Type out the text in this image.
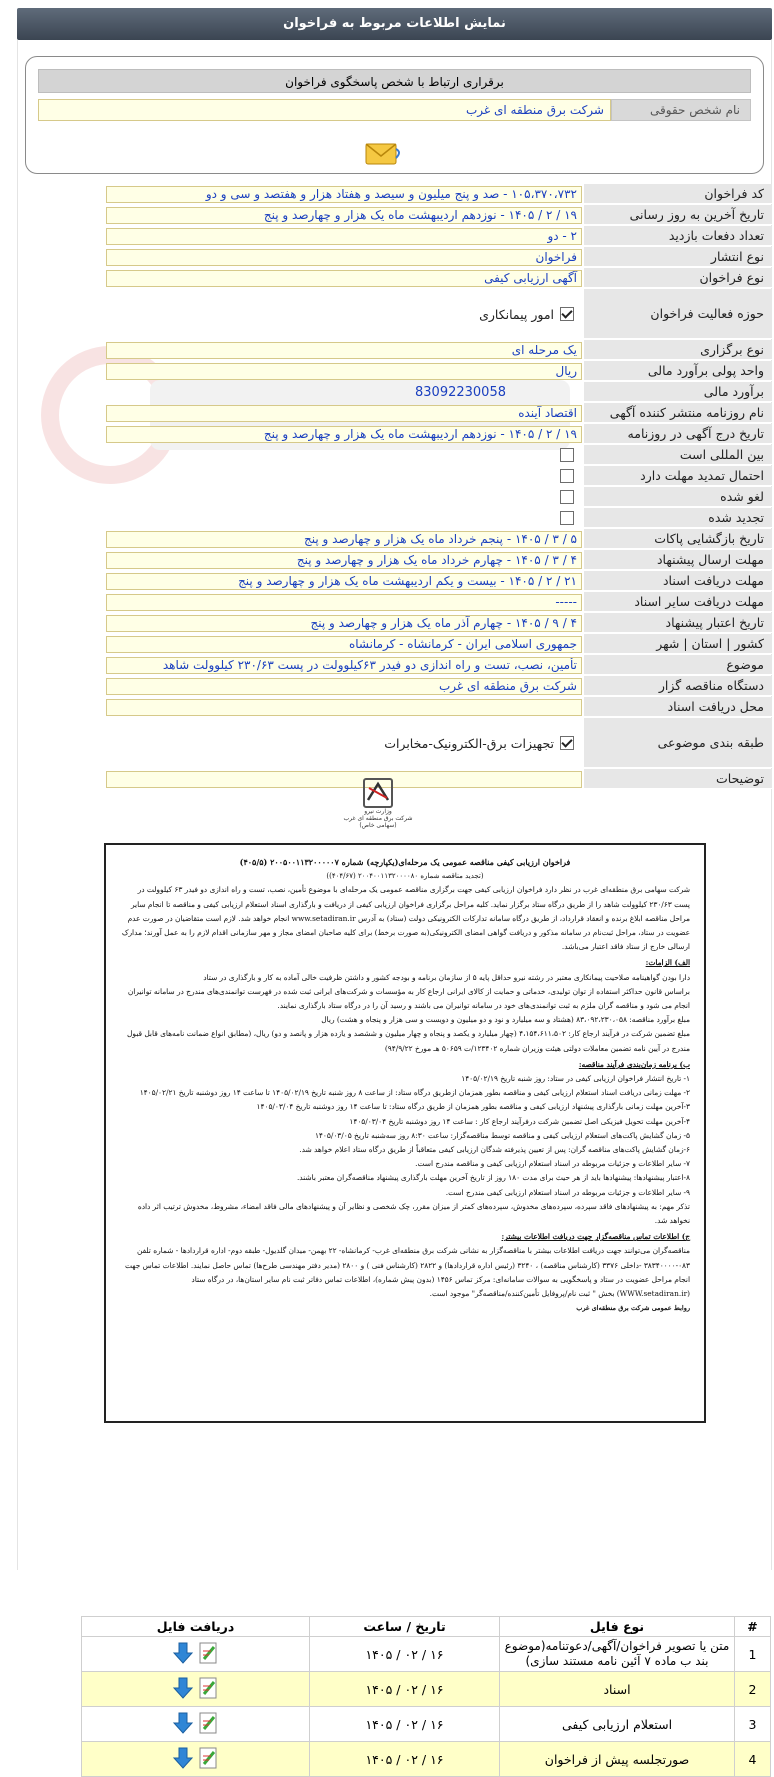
نمایش اطلاعات مربوط به فراخوان
برقراری ارتباط با شخص پاسخگوی فراخوان
نام شخص حقوقی
شرکت برق منطقه ای غرب
کد فراخوان
۱۰۵،۳۷۰،۷۳۲ - صد و پنج میلیون و سیصد و هفتاد هزار و هفتصد و سی و دو
تاریخ آخرین به روز رسانی
۱۹ / ۲ / ۱۴۰۵ - نوزدهم اردیبهشت ماه یک هزار و چهارصد و پنج
تعداد دفعات بازدید
۲ - دو
نوع انتشار
فراخوان
نوع فراخوان
آگهی ارزیابی کیفی
حوزه فعالیت فراخوان
امور پیمانکاری
نوع برگزاری
یک مرحله ای
واحد پولی برآورد مالی
ریال
برآورد مالی
83092230058
نام روزنامه منتشر کننده آگهی
اقتصاد آینده
تاریخ درج آگهی در روزنامه
۱۹ / ۲ / ۱۴۰۵ - نوزدهم اردیبهشت ماه یک هزار و چهارصد و پنج
بین المللی است
احتمال تمدید مهلت دارد
لغو شده
تجدید شده
تاریخ بازگشایی پاکات
۵ / ۳ / ۱۴۰۵ - پنجم خرداد ماه یک هزار و چهارصد و پنج
مهلت ارسال پیشنهاد
۴ / ۳ / ۱۴۰۵ - چهارم خرداد ماه یک هزار و چهارصد و پنج
مهلت دریافت اسناد
۲۱ / ۲ / ۱۴۰۵ - بیست و یکم اردیبهشت ماه یک هزار و چهارصد و پنج
مهلت دریافت سایر اسناد
-----
تاریخ اعتبار پیشنهاد
۴ / ۹ / ۱۴۰۵ - چهارم آذر ماه یک هزار و چهارصد و پنج
کشور | استان | شهر
جمهوری اسلامی ایران - کرمانشاه - کرمانشاه
موضوع
تأمین، نصب، تست و راه اندازی دو فیدر ۶۳کیلوولت در پست ۲۳۰/۶۳ کیلوولت شاهد
دستگاه مناقصه گزار
شرکت برق منطقه ای غرب
محل دریافت اسناد
طبقه بندی موضوعی
تجهیزات برق-الکترونیک-مخابرات
توضیحات
وزارت نیرو
شرکت برق منطقه ای غرب (سهامی خاص)
فراخوان ارزیابی کیفی مناقصه عمومی یک مرحله‌ای(یکپارچه) شماره ۲۰۰۵۰۰۱۱۳۲۰۰۰۰۰۷ (۴۰۵/۵)
(تجدید مناقصه شماره ۲۰۰۴۰۰۱۱۳۲۰۰۰۰۸۰ (۴۰۴/۶۷))

شرکت سهامی برق منطقه‌ای غرب در نظر دارد فراخوان ارزیابی کیفی جهت برگزاری مناقصه عمومی یک مرحله‌ای با موضوع تأمین، نصب، تست و راه اندازی دو فیدر ۶۳ کیلوولت در پست ۲۳۰/۶۳ کیلوولت شاهد را از طریق درگاه ستاد برگزار نماید. کلیه مراحل برگزاری فراخوان ارزیابی کیفی از دریافت و بارگذاری اسناد استعلام ارزیابی کیفی و مناقصه تا انجام سایر مراحل مناقصه ابلاغ برنده و انعقاد قرارداد، از طریق درگاه سامانه تدارکات الکترونیکی دولت (ستاد) به آدرس www.setadiran.ir انجام خواهد شد. لازم است متقاضیان در صورت عدم عضویت در ستاد، مراحل ثبت‌نام در سامانه مذکور و دریافت گواهی امضای الکترونیکی(به صورت برخط) برای کلیه صاحبان امضای مجاز و مهر سازمانی اقدام لازم را به عمل آورند؛ مدارک ارسالی خارج از ستاد فاقد اعتبار می‌باشد.

الف) الزامات:

دارا بودن گواهینامه صلاحیت پیمانکاری معتبر در رشته نیرو حداقل پایه ۵ از سازمان برنامه و بودجه کشور و داشتن ظرفیت خالی آماده به کار و بارگذاری در ستاد

براساس قانون حداکثر استفاده از توان تولیدی، خدماتی و حمایت از کالای ایرانی ارجاع کار به مؤسسات و شرکت‌های ایرانی ثبت شده در فهرست توانمندی‌های مندرج در سامانه توانیران انجام می شود و مناقصه گران ملزم به ثبت توانمندی‌های خود در سامانه توانیران می باشند و رسید آن را در درگاه ستاد بارگذاری نمایند.

مبلغ برآورد مناقصه: ۸۳،۰۹۲،۲۳۰،۰۵۸ (هشتاد و سه میلیارد و نود و دو میلیون و دویست و سی هزار و پنجاه و هشت) ریال

مبلغ تضمین شرکت در فرآیند ارجاع کار: ۴،۱۵۴،۶۱۱،۵۰۲ (چهار میلیارد و یکصد و پنجاه و چهار میلیون و ششصد و یازده هزار و پانصد و دو) ریال، (مطابق انواع ضمانت نامه‌های قابل قبول مندرج در آیین نامه تضمین معاملات دولتی هیئت وزیران شماره ۱۲۳۴۰۲/ت ۵۰۶۵۹ هـ مورخ ۹۴/۹/۲۲)

ب) برنامه زمان‌بندی فرآیند مناقصه:

۱- تاریخ انتشار فراخوان ارزیابی کیفی در ستاد: روز شنبه تاریخ ۱۴۰۵/۰۲/۱۹

۲- مهلت زمانی دریافت اسناد استعلام ارزیابی کیفی و مناقصه بطور همزمان ازطریق درگاه ستاد: از ساعت ۸ روز شنبه تاریخ ۱۴۰۵/۰۲/۱۹ تا ساعت ۱۴ روز دوشنبه تاریخ ۱۴۰۵/۰۲/۲۱

۳-آخرین مهلت زمانی بارگذاری پیشنهاد ارزیابی کیفی و مناقصه بطور همزمان از طریق درگاه ستاد: تا ساعت ۱۴ روز دوشنبه تاریخ ۱۴۰۵/۰۳/۰۴

۴-آخرین مهلت تحویل فیزیکی اصل تضمین شرکت درفرآیند ارجاع کار : ساعت ۱۴ روز دوشنبه تاریخ ۱۴۰۵/۰۳/۰۴

۵- زمان گشایش پاکت‌های استعلام ارزیابی کیفی و مناقصه توسط مناقصه‌گزار: ساعت ۸:۳۰ روز سه‌شنبه تاریخ ۱۴۰۵/۰۳/۰۵

۶-زمان گشایش پاکت‌های مناقصه گران: پس از تعیین پذیرفته شدگان ارزیابی کیفی متعاقباً از طریق درگاه ستاد اعلام خواهد شد.

۷- سایر اطلاعات و جزئیات مربوطه در اسناد استعلام ارزیابی کیفی و مناقصه مندرج است.

۸-اعتبار پیشنهادها: پیشنهادها باید از هر حیث برای مدت ۱۸۰ روز از تاریخ آخرین مهلت بارگذاری پیشنهاد مناقصه‌گران معتبر باشند.

۹- سایر اطلاعات و جزئیات مربوطه در اسناد استعلام ارزیابی کیفی مندرج است.

تذکر مهم: به پیشنهادهای فاقد سپرده، سپرده‌های مخدوش، سپرده‌های کمتر از میزان مقرر، چک شخصی و نظایر آن و پیشنهادهای مالی فاقد امضاء، مشروط، مخدوش ترتیب اثر داده نخواهد شد.

ج) اطلاعات تماس مناقصه‌گزار جهت دریافت اطلاعات بیشتر:

مناقصه‌گران می‌توانند جهت دریافت اطلاعات بیشتر با مناقصه‌گزار به نشانی شرکت برق منطقه‌ای غرب- کرمانشاه- ۲۲ بهمن- میدان گلدیول- طبقه دوم- اداره قراردادها - شماره تلفن ۰۸۳-۳۸۳۴۰۰۰۰ -داخلی ۳۳۷۶ (کارشناس مناقصه) ، ۳۲۴۰ (رئیس اداره قراردادها) و ۲۸۲۲ (کارشناس فنی ) و ۲۸۰۰ (مدیر دفتر مهندسی طرح‌ها) تماس حاصل نمایند. اطلاعات تماس جهت انجام مراحل عضویت در ستاد و پاسخگویی به سوالات سامانه‌ای: مرکز تماس ۱۴۵۶ (بدون پیش شماره)، اطلاعات تماس دفاتر ثبت نام سایر استان‌ها، در درگاه ستاد (WWW.setadiran.ir) بخش " ثبت نام/پروفایل تأمین‌کننده/مناقصه‌گر" موجود است.

روابط عمومی شرکت برق منطقه‌ای غرب

#	نوع فایل	تاریخ / ساعت	دریافت فایل
1	متن یا تصویر فراخوان/آگهی/دعوتنامه(موضوع بند ب ماده ۷ آئین نامه مستند سازی)	۱۶ / ۰۲ / ۱۴۰۵	

2	اسناد	۱۶ / ۰۲ / ۱۴۰۵	

3	استعلام ارزیابی کیفی	۱۶ / ۰۲ / ۱۴۰۵	

4	صورتجلسه پیش از فراخوان	۱۶ / ۰۲ / ۱۴۰۵	
